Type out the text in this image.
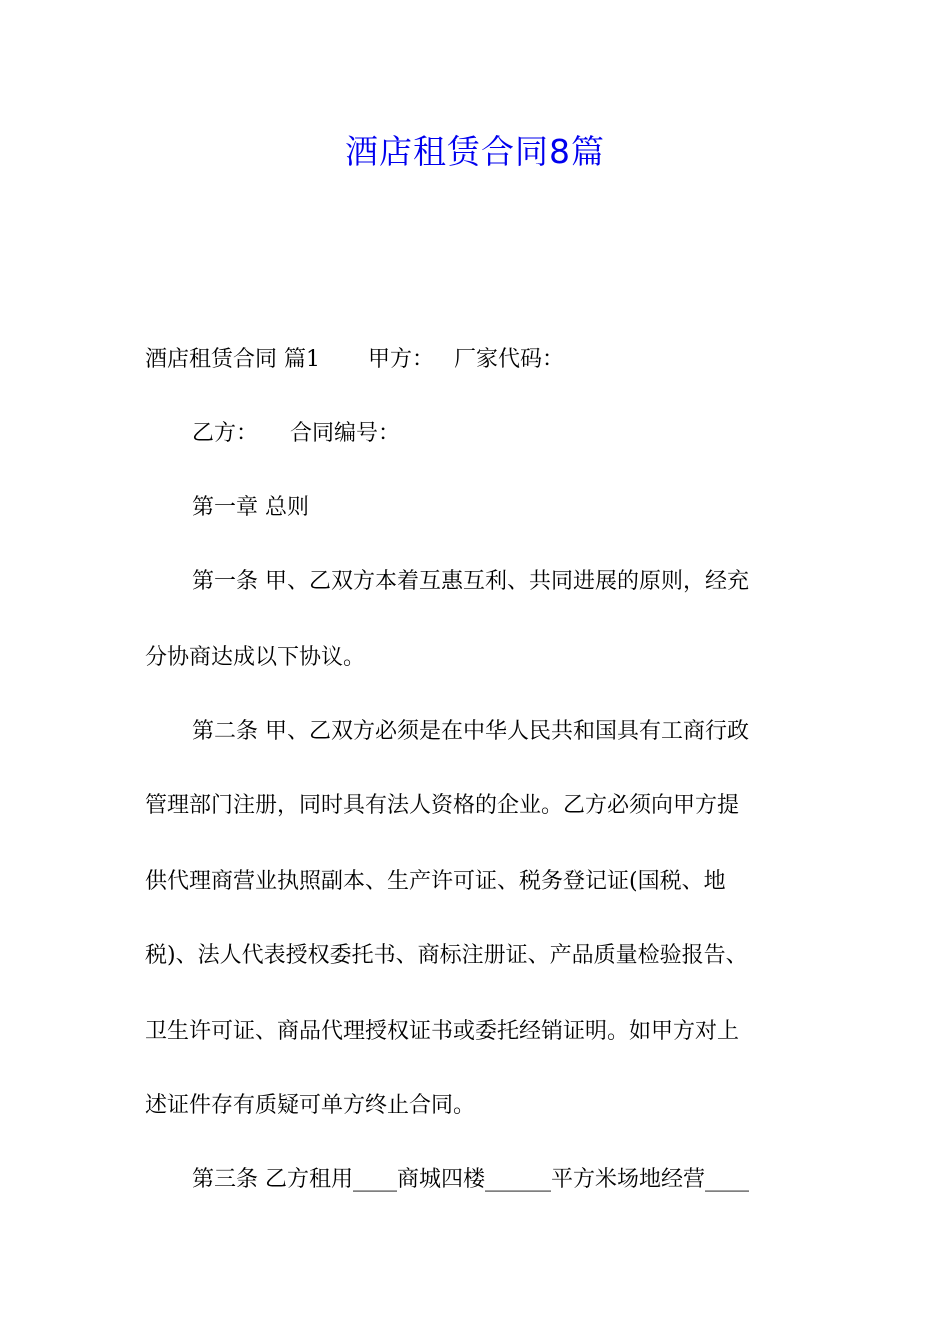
酒店租赁合同8篇

酒店租赁合同 篇1 甲方： 厂家代码：

乙方： 合同编号：

第一章 总则

第一条 甲、乙双方本着互惠互利、共同进展的原则，经充

分协商达成以下协议。

第二条 甲、乙双方必须是在中华人民共和国具有工商行政

管理部门注册，同时具有法人资格的企业。乙方必须向甲方提

供代理商营业执照副本、生产许可证、税务登记证(国税、地

税)、法人代表授权委托书、商标注册证、产品质量检验报告、

卫生许可证、商品代理授权证书或委托经销证明。如甲方对上

述证件存有质疑可单方终止合同。

第三条 乙方租用____商城四楼______平方米场地经营____
